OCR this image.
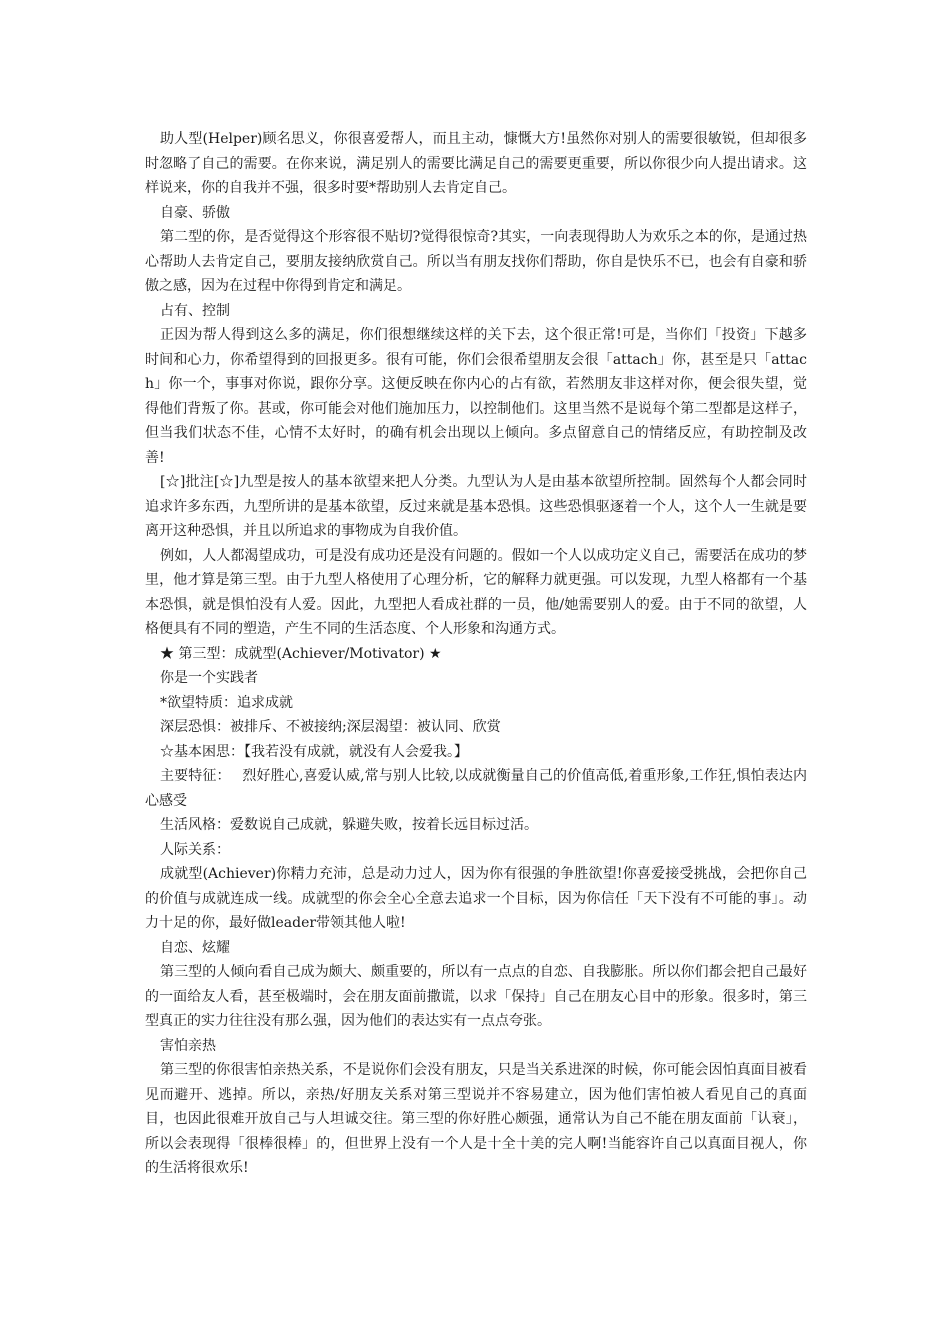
助人型(Helper)顾名思义，你很喜爱帮人，而且主动，慷慨大方!虽然你对别人的需要很敏锐，但却很多时忽略了自己的需要。在你来说，满足别人的需要比满足自己的需要更重要，所以你很少向人提出请求。这样说来，你的自我并不强，很多时要*帮助别人去肯定自己。

自豪、骄傲

第二型的你，是否觉得这个形容很不贴切?觉得很惊奇?其实，一向表现得助人为欢乐之本的你，是通过热心帮助人去肯定自己，要朋友接纳欣赏自己。所以当有朋友找你们帮助，你自是快乐不已，也会有自豪和骄傲之感，因为在过程中你得到肯定和满足。

占有、控制

正因为帮人得到这么多的满足，你们很想继续这样的关下去，这个很正常!可是，当你们「投资」下越多时间和心力，你希望得到的回报更多。很有可能，你们会很希望朋友会很「attach」你，甚至是只「attach」你一个，事事对你说，跟你分享。这便反映在你内心的占有欲，若然朋友非这样对你，便会很失望，觉得他们背叛了你。甚或，你可能会对他们施加压力，以控制他们。这里当然不是说每个第二型都是这样子，但当我们状态不佳，心情不太好时，的确有机会出现以上倾向。多点留意自己的情绪反应，有助控制及改善!

[☆]批注[☆]九型是按人的基本欲望来把人分类。九型认为人是由基本欲望所控制。固然每个人都会同时追求许多东西，九型所讲的是基本欲望，反过来就是基本恐惧。这些恐惧驱逐着一个人，这个人一生就是要离开这种恐惧，并且以所追求的事物成为自我价值。

例如，人人都渴望成功，可是没有成功还是没有问题的。假如一个人以成功定义自己，需要活在成功的梦里，他才算是第三型。由于九型人格使用了心理分析，它的解释力就更强。可以发现，九型人格都有一个基本恐惧，就是惧怕没有人爱。因此，九型把人看成社群的一员，他/她需要别人的爱。由于不同的欲望，人格便具有不同的塑造，产生不同的生活态度、个人形象和沟通方式。

★ 第三型：成就型(Achiever/Motivator) ★

你是一个实践者

*欲望特质：追求成就

深层恐惧：被排斥、不被接纳;深层渴望：被认同、欣赏

☆基本困思：【我若没有成就，就没有人会爱我。】

主要特征：　 烈好胜心,喜爱认威,常与别人比较,以成就衡量自己的价值高低,着重形象,工作狂,惧怕表达内心感受

生活风格：爱数说自己成就，躲避失败，按着长远目标过活。

人际关系：

成就型(Achiever)你精力充沛，总是动力过人，因为你有很强的争胜欲望!你喜爱接受挑战，会把你自己的价值与成就连成一线。成就型的你会全心全意去追求一个目标，因为你信任「天下没有不可能的事」。动力十足的你，最好做leader带领其他人啦!

自恋、炫耀

第三型的人倾向看自己成为颇大、颇重要的，所以有一点点的自恋、自我膨胀。所以你们都会把自己最好的一面给友人看，甚至极端时，会在朋友面前撒谎，以求「保持」自己在朋友心目中的形象。很多时，第三型真正的实力往往没有那么强，因为他们的表达实有一点点夸张。

害怕亲热

第三型的你很害怕亲热关系，不是说你们会没有朋友，只是当关系进深的时候，你可能会因怕真面目被看见而避开、逃掉。所以，亲热/好朋友关系对第三型说并不容易建立，因为他们害怕被人看见自己的真面目，也因此很难开放自己与人坦诚交往。第三型的你好胜心颇强，通常认为自己不能在朋友面前「认衰」，所以会表现得「很棒很棒」的，但世界上没有一个人是十全十美的完人啊!当能容许自己以真面目视人，你的生活将很欢乐!
